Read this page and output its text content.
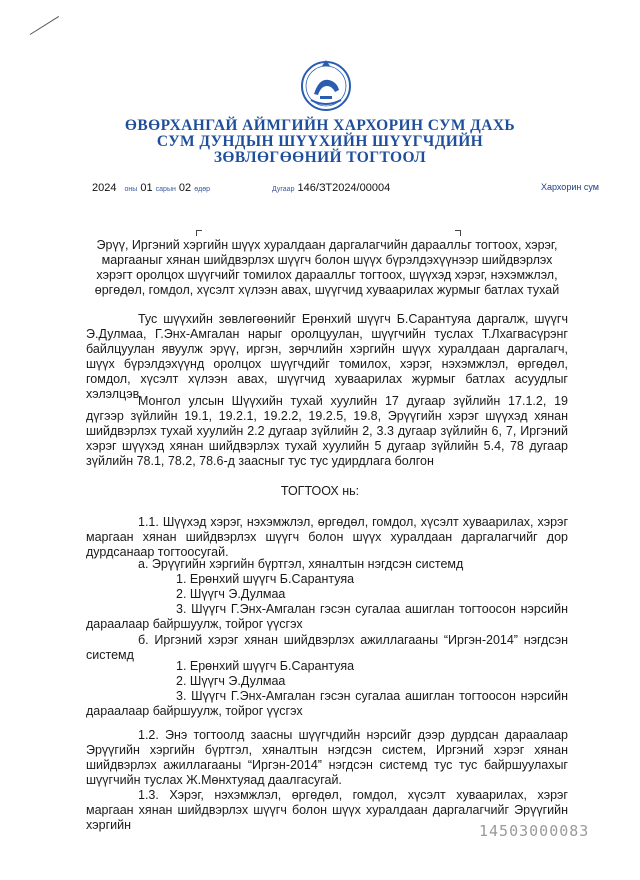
ӨВӨРХАНГАЙ АЙМГИЙН ХАРХОРИН СУМ ДАХЬ
СУМ ДУНДЫН ШҮҮХИЙН ШҮҮГЧДИЙН
ЗӨВЛӨГӨӨНИЙ ТОГТООЛ
2024 оны 01 сарын 02 өдөр	Дугаар 146/ЗТ2024/00004	Хархорин сум
Эрүү, Иргэний хэргийн шүүх хуралдаан даргалагчийн дараалльг тогтоох, хэрэг, маргааныг хянан шийдвэрлэх шүүгч болон шүүх бүрэлдэхүүнээр шийдвэрлэх хэрэгт оролцох шүүгчийг томилох дараалльг тогтоох, шүүхэд хэрэг, нэхэмжлэл, өргөдөл, гомдол, хүсэлт хүлээн авах, шүүгчид хуваарилах журмыг батлах тухай
Тус шүүхийн зөвлөгөөнийг Ерөнхий шүүгч Б.Сарантуяа даргалж, шүүгч Э.Дулмаа, Г.Энх-Амгалан нарыг оролцуулан, шүүгчийн туслах Т.Лхагвасүрэнг байлцуулан явуулж эрүү, иргэн, зөрчлийн хэргийн шүүх хуралдаан даргалагч, шүүх бүрэлдэхүүнд оролцох шүүгчдийг томилох, хэрэг, нэхэмжлэл, өргөдөл, гомдол, хүсэлт хүлээн авах, шүүгчид хуваарилах журмыг батлах асуудлыг хэлэлцэв.
Монгол улсын Шүүхийн тухай хуулийн 17 дугаар зүйлийн 17.1.2, 19 дүгээр зүйлийн 19.1, 19.2.1, 19.2.2, 19.2.5, 19.8, Эрүүгийн хэрэг шүүхэд хянан шийдвэрлэх тухай хуулийн 2.2 дугаар зүйлийн 2, 3.3 дугаар зүйлийн 6, 7, Иргэний хэрэг шүүхэд хянан шийдвэрлэх тухай хуулийн 5 дугаар зүйлийн 5.4, 78 дугаар зүйлийн 78.1, 78.2, 78.6-д заасныг тус тус удирдлага болгон
ТОГТООХ нь:
1.1. Шүүхэд хэрэг, нэхэмжлэл, өргөдөл, гомдол, хүсэлт хуваарилах, хэрэг маргаан хянан шийдвэрлэх шүүгч болон шүүх хуралдаан даргалагчийг дор дурдсанаар тогтоосугай.
а. Эрүүгийн хэргийн бүртгэл, хяналтын нэгдсэн системд
1. Ерөнхий шүүгч Б.Сарантуяа
2. Шүүгч Э.Дулмаа
3. Шүүгч Г.Энх-Амгалан гэсэн сугалаа ашиглан тогтоосон нэрсийн дараалаар байршуулж, тойрог үүсгэх
б. Иргэний хэрэг хянан шийдвэрлэх ажиллагааны “Иргэн-2014” нэгдсэн системд
1. Ерөнхий шүүгч Б.Сарантуяа
2. Шүүгч Э.Дулмаа
3. Шүүгч Г.Энх-Амгалан гэсэн сугалаа ашиглан тогтоосон нэрсийн дараалаар байршуулж, тойрог үүсгэх
1.2. Энэ тогтоолд заасны шүүгчдийн нэрсийг дээр дурдсан дараалаар Эрүүгийн хэргийн бүртгэл, хяналтын нэгдсэн систем, Иргэний хэрэг хянан шийдвэрлэх ажиллагааны “Иргэн-2014” нэгдсэн системд тус тус байршуулахыг шүүгчийн туслах Ж.Мөнхтуяад даалгасугай.
1.3. Хэрэг, нэхэмжлэл, өргөдөл, гомдол, хүсэлт хуваарилах, хэрэг маргаан хянан шийдвэрлэх шүүгч болон шүүх хуралдаан даргалагчийг Эрүүгийн хэргийн	14503000083
